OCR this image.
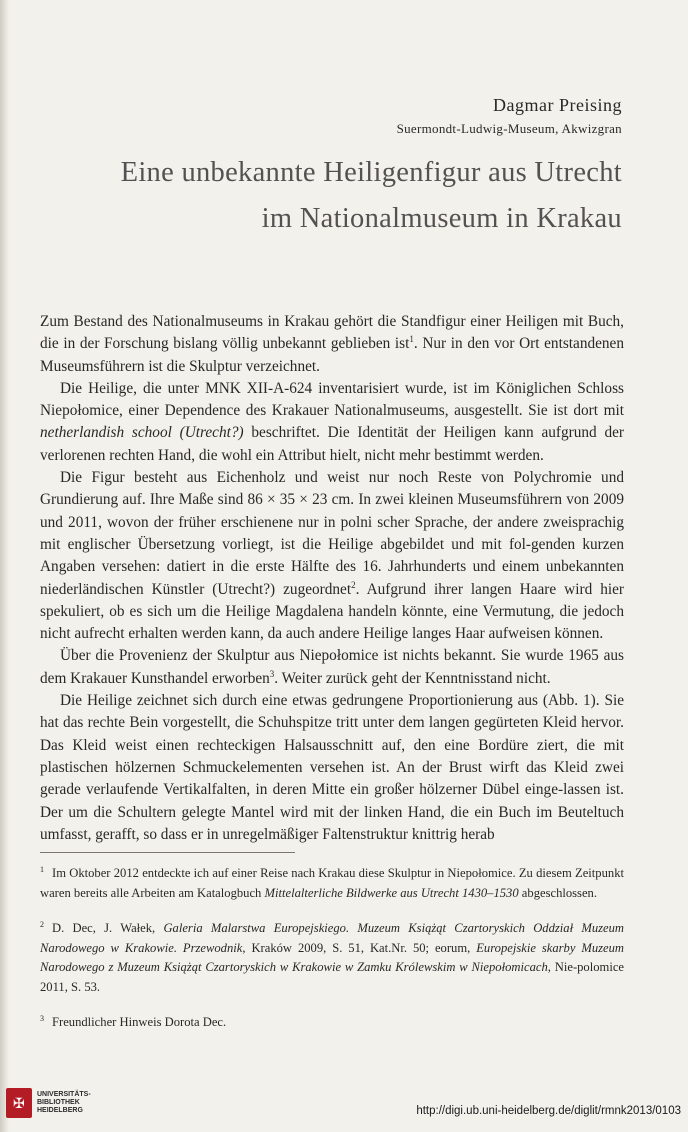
Dagmar Preising
Suermondt-Ludwig-Museum, Akwizgran
Eine unbekannte Heiligenfigur aus Utrecht
im Nationalmuseum in Krakau

Zum Bestand des Nationalmuseums in Krakau gehört die Standfigur einer Heiligen mit Buch, die in der Forschung bislang völlig unbekannt geblieben ist$^1$. Nur in den vor Ort entstandenen Museumsführern ist die Skulptur verzeichnet.

Die Heilige, die unter MNK XII-A-624 inventarisiert wurde, ist im Königlichen Schloss Niepołomice, einer Dependence des Krakauer Nationalmuseums, ausgestellt. Sie ist dort mit netherlandish school (Utrecht?) beschriftet. Die Identität der Heiligen kann aufgrund der verlorenen rechten Hand, die wohl ein Attribut hielt, nicht mehr bestimmt werden.

Die Figur besteht aus Eichenholz und weist nur noch Reste von Polychromie und Grundierung auf. Ihre Maße sind 86 × 35 × 23 cm. In zwei kleinen Museumsführern von 2009 und 2011, wovon der früher erschienene nur in polni scher Sprache, der andere zweisprachig mit englischer Übersetzung vorliegt, ist die Heilige abgebildet und mit fol-genden kurzen Angaben versehen: datiert in die erste Hälfte des 16. Jahrhunderts und einem unbekannten niederländischen Künstler (Utrecht?) zugeordnet$^2$. Aufgrund ihrer langen Haare wird hier spekuliert, ob es sich um die Heilige Magdalena handeln könnte, eine Vermutung, die jedoch nicht aufrecht erhalten werden kann, da auch andere Heilige langes Haar aufweisen können.

Über die Provenienz der Skulptur aus Niepołomice ist nichts bekannt. Sie wurde 1965 aus dem Krakauer Kunsthandel erworben$^3$. Weiter zurück geht der Kenntnisstand nicht.

Die Heilige zeichnet sich durch eine etwas gedrungene Proportionierung aus (Abb. 1). Sie hat das rechte Bein vorgestellt, die Schuhspitze tritt unter dem langen gegürteten Kleid hervor. Das Kleid weist einen rechteckigen Halsausschnitt auf, den eine Bordüre ziert, die mit plastischen hölzernen Schmuckelementen versehen ist. An der Brust wirft das Kleid zwei gerade verlaufende Vertikalfalten, in deren Mitte ein großer hölzerner Dübel einge-lassen ist. Der um die Schultern gelegte Mantel wird mit der linken Hand, die ein Buch im Beuteltuch umfasst, gerafft, so dass er in unregelmäßiger Faltenstruktur knittrig herab

$^1$ Im Oktober 2012 entdeckte ich auf einer Reise nach Krakau diese Skulptur in Niepołomice. Zu diesem Zeitpunkt waren bereits alle Arbeiten am Katalogbuch Mittelalterliche Bildwerke aus Utrecht 1430–1530 abgeschlossen.

$^2$ D. Dec, J. Wałek, Galeria Malarstwa Europejskiego. Muzeum Książąt Czartoryskich Oddział Muzeum Narodowego w Krakowie. Przewodnik, Kraków 2009, S. 51, Kat.Nr. 50; eorum, Europejskie skarby Muzeum Narodowego z Muzeum Książąt Czartoryskich w Krakowie w Zamku Królewskim w Niepołomicach, Nie-polomice 2011, S. 53.

$^3$ Freundlicher Hinweis Dorota Dec.

✠	UNIVERSITÄTS-
BIBLIOTHEK
HEIDELBERG	http://digi.ub.uni-heidelberg.de/diglit/rmnk2013/0103
